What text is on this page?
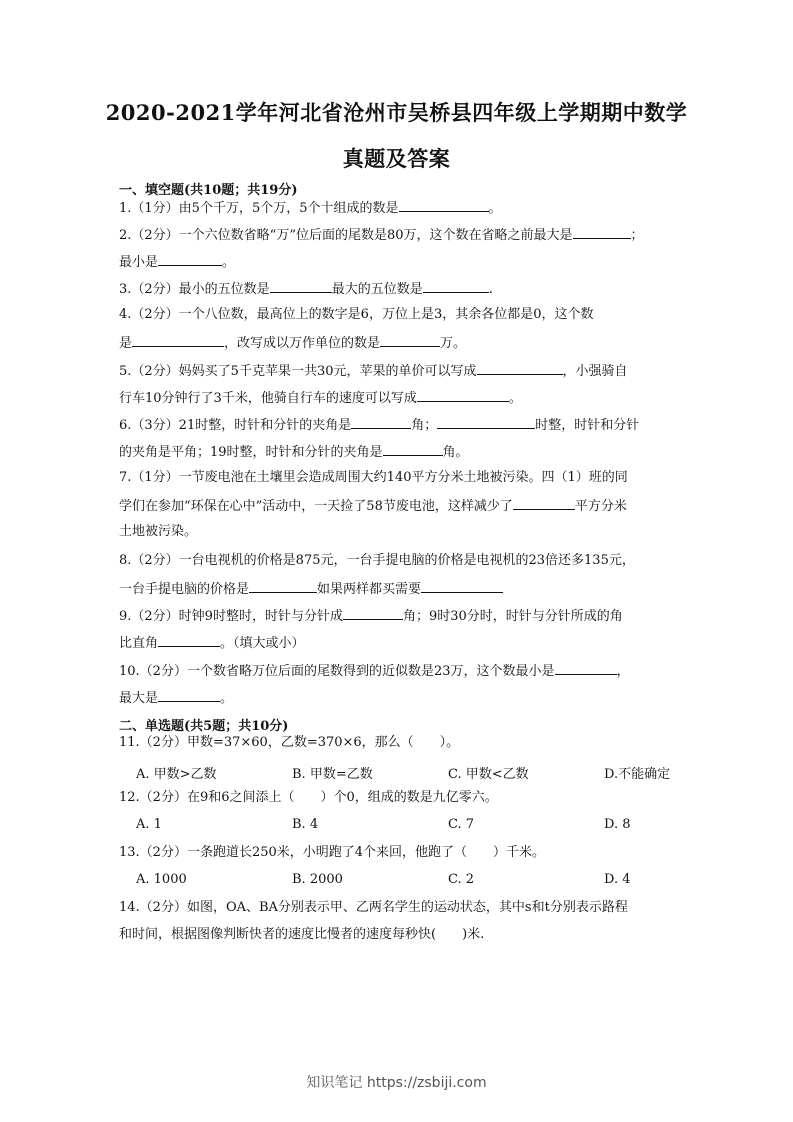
2020-2021学年河北省沧州市吴桥县四年级上学期期中数学
真题及答案
一、填空题(共10题；共19分)
1.（1分）由5个千万，5个万，5个十组成的数是	。
2.（2分）一个六位数省略“万”位后面的尾数是80万，这个数在省略之前最大是	；
最小是	。
3.（2分）最小的五位数是	最大的五位数是	.
4.（2分）一个八位数，最高位上的数字是6，万位上是3，其余各位都是0，这个数
是	，改写成以万作单位的数是	万。
5.（2分）妈妈买了5千克苹果一共30元，苹果的单价可以写成	，小强骑自
行车10分钟行了3千米，他骑自行车的速度可以写成	。
6.（3分）21时整，时针和分针的夹角是	角；	时整，时针和分针
的夹角是平角；19时整，时针和分针的夹角是	角。
7.（1分）一节废电池在土壤里会造成周围大约140平方分米土地被污染。四（1）班的同
学们在参加“环保在心中”活动中，一天捡了58节废电池，这样减少了	平方分米
土地被污染。
8.（2分）一台电视机的价格是875元，一台手提电脑的价格是电视机的23倍还多135元，
一台手提电脑的价格是	如果两样都买需要
9.（2分）时钟9时整时，时针与分针成	角；9时30分时，时针与分针所成的角
比直角	。（填大或小）
10.（2分）一个数省略万位后面的尾数得到的近似数是23万，这个数最小是	，
最大是	。
二、单选题(共5题；共10分)
11.（2分）甲数=37×60，乙数=370×6，那么（　　）。
A. 甲数>乙数	B. 甲数=乙数	C. 甲数<乙数	D.不能确定
12.（2分）在9和6之间添上（　　）个0，组成的数是九亿零六。
A. 1	B. 4	C. 7	D. 8
13.（2分）一条跑道长250米，小明跑了4个来回，他跑了（　　）千米。
A. 1000	B. 2000	C. 2	D. 4
14.（2分）如图，OA、BA分别表示甲、乙两名学生的运动状态，其中s和t分别表示路程
和时间，根据图像判断快者的速度比慢者的速度每秒快(　　)米.
知识笔记 https://zsbiji.com
